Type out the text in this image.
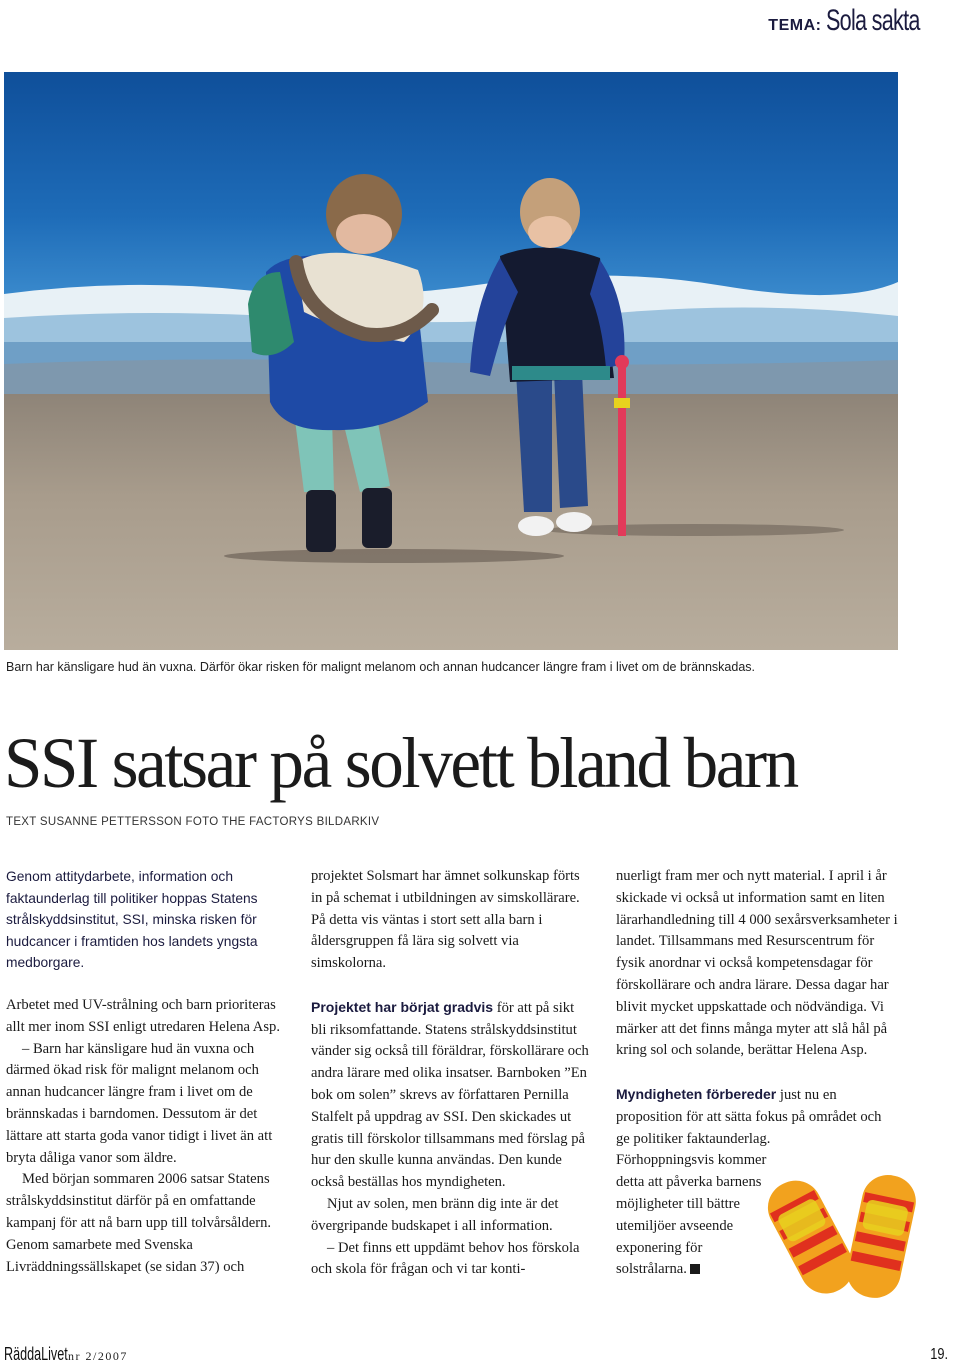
TEMA: Sola sakta
Barn har känsligare hud än vuxna. Därför ökar risken för malignt melanom och annan hudcancer längre fram i livet om de brännskadas.
SSI satsar på solvett bland barn
TEXT SUSANNE PETTERSSON FOTO THE FACTORYS BILDARKIV

Genom attitydarbete, information och faktaunderlag till politiker hoppas Statens strålskyddsinstitut, SSI, minska risken för hudcancer i framtiden hos landets yngsta medborgare.

Arbetet med UV-strålning och barn prioriteras allt mer inom SSI enligt utredaren Helena Asp.

– Barn har känsligare hud än vuxna och därmed ökad risk för malignt melanom och annan hudcancer längre fram i livet om de brännskadas i barndomen. Dessutom är det lättare att starta goda vanor tidigt i livet än att bryta dåliga vanor som äldre.

Med början sommaren 2006 satsar Statens strålskyddsinstitut därför på en omfattande kampanj för att nå barn upp till tolvårsåldern. Genom samarbete med Svenska Livräddningssällskapet (se sidan 37) och

projektet Solsmart har ämnet solkunskap förts in på schemat i utbildningen av simskollärare. På detta vis väntas i stort sett alla barn i åldersgruppen få lära sig solvett via simskolorna.

Projektet har börjat gradvis för att på sikt bli riksomfattande. Statens strålskyddsinstitut vänder sig också till föräldrar, förskollärare och andra lärare med olika insatser. Barnboken ”En bok om solen” skrevs av författaren Pernilla Stalfelt på uppdrag av SSI. Den skickades ut gratis till förskolor tillsammans med förslag på hur den skulle kunna användas. Den kunde också beställas hos myndigheten.

Njut av solen, men bränn dig inte är det övergripande budskapet i all information.

– Det finns ett uppdämt behov hos förskola och skola för frågan och vi tar konti-

nuerligt fram mer och nytt material. I april i år skickade vi också ut information samt en liten lärarhandledning till 4 000 sexårsverksamheter i landet. Tillsammans med Resurscentrum för fysik anordnar vi också kompetensdagar för förskollärare och andra lärare. Dessa dagar har blivit mycket uppskattade och nödvändiga. Vi märker att det finns många myter att slå hål på kring sol och solande, berättar Helena Asp.

Myndigheten förbereder just nu en proposition för att sätta fokus på området och ge politiker faktaunderlag.

Förhoppningsvis kommer detta att påverka barnens möjligheter till bättre utemiljöer avseende exponering för solstrålarna.

RäddaLivet nr 2/2007	19.
